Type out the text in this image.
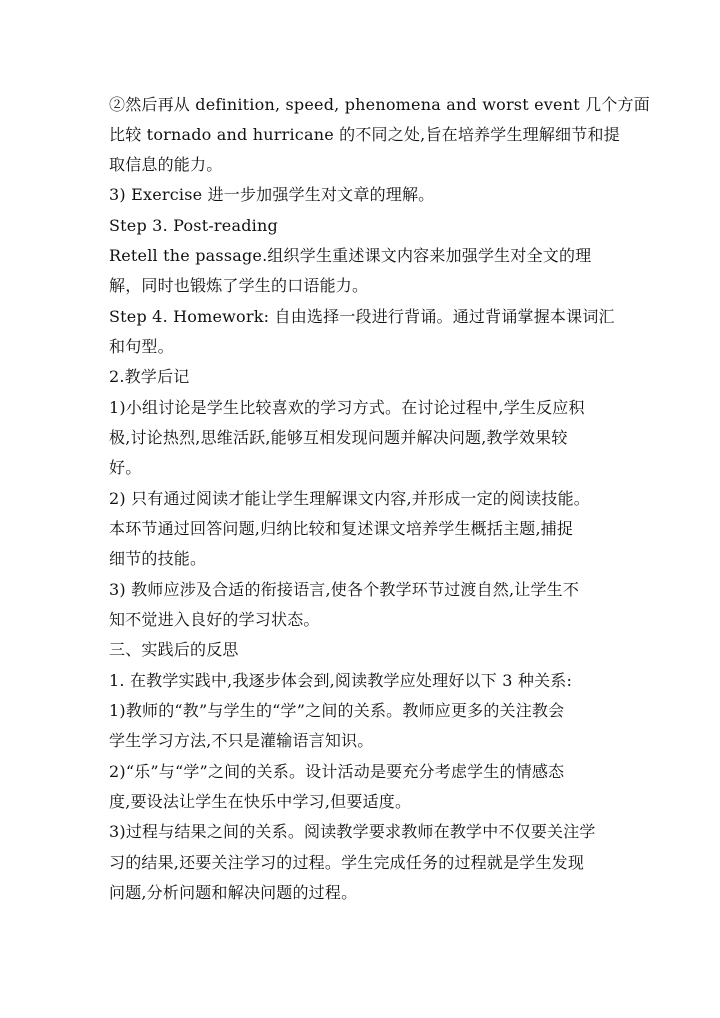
②然后再从 definition, speed, phenomena and worst event 几个方面
比较 tornado and hurricane 的不同之处,旨在培养学生理解细节和提
取信息的能力。
3) Exercise 进一步加强学生对文章的理解。
Step 3. Post-reading
Retell the passage.组织学生重述课文内容来加强学生对全文的理
解，同时也锻炼了学生的口语能力。
Step 4. Homework: 自由选择一段进行背诵。通过背诵掌握本课词汇
和句型。
2.教学后记
1)小组讨论是学生比较喜欢的学习方式。在讨论过程中,学生反应积
极,讨论热烈,思维活跃,能够互相发现问题并解决问题,教学效果较
好。
2) 只有通过阅读才能让学生理解课文内容,并形成一定的阅读技能。
本环节通过回答问题,归纳比较和复述课文培养学生概括主题,捕捉
细节的技能。
3) 教师应涉及合适的衔接语言,使各个教学环节过渡自然,让学生不
知不觉进入良好的学习状态。
三、实践后的反思
1. 在教学实践中,我逐步体会到,阅读教学应处理好以下 3 种关系:
1)教师的“教”与学生的“学”之间的关系。教师应更多的关注教会
学生学习方法,不只是灌输语言知识。
2)“乐”与“学”之间的关系。设计活动是要充分考虑学生的情感态
度,要设法让学生在快乐中学习,但要适度。
3)过程与结果之间的关系。阅读教学要求教师在教学中不仅要关注学
习的结果,还要关注学习的过程。学生完成任务的过程就是学生发现
问题,分析问题和解决问题的过程。
